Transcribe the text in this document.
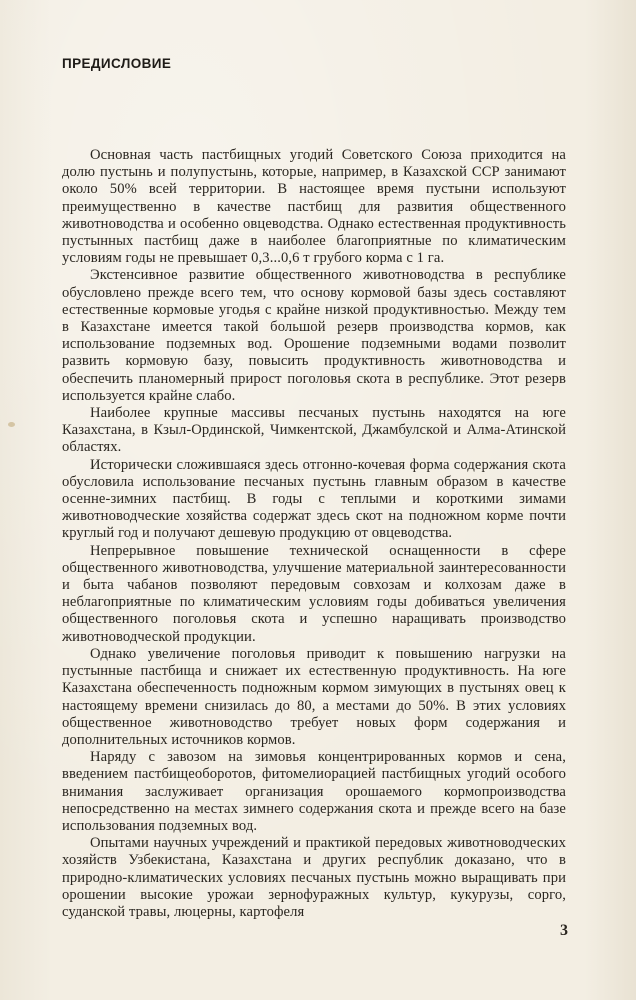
ПРЕДИСЛОВИЕ

Основная часть пастбищных угодий Советского Союза приходится на долю пустынь и полупустынь, которые, например, в Казахской ССР занимают около 50% всей территории. В настоящее время пустыни используют преимущественно в качестве пастбищ для развития общественного животноводства и особенно овцеводства. Однако естественная продуктивность пустынных пастбищ даже в наиболее благоприятные по климатическим условиям годы не превышает 0,3...0,6 т грубого корма с 1 га.

Экстенсивное развитие общественного животноводства в республике обусловлено прежде всего тем, что основу кормовой базы здесь составляют естественные кормовые угодья с крайне низкой продуктивностью. Между тем в Казахстане имеется такой большой резерв производства кормов, как использование подземных вод. Орошение подземными водами позволит развить кормовую базу, повысить продуктивность животноводства и обеспечить планомерный прирост поголовья скота в республике. Этот резерв используется крайне слабо.

Наиболее крупные массивы песчаных пустынь находятся на юге Казахстана, в Кзыл-Ординской, Чимкентской, Джамбулской и Алма-Атинской областях.

Исторически сложившаяся здесь отгонно-кочевая форма содержания скота обусловила использование песчаных пустынь главным образом в качестве осенне-зимних пастбищ. В годы с теплыми и короткими зимами животноводческие хозяйства содержат здесь скот на подножном корме почти круглый год и получают дешевую продукцию от овцеводства.

Непрерывное повышение технической оснащенности в сфере общественного животноводства, улучшение материальной заинтересованности и быта чабанов позволяют передовым совхозам и колхозам даже в неблагоприятные по климатическим условиям годы добиваться увеличения общественного поголовья скота и успешно наращивать производство животноводческой продукции.

Однако увеличение поголовья приводит к повышению нагрузки на пустынные пастбища и снижает их естественную продуктивность. На юге Казахстана обеспеченность подножным кормом зимующих в пустынях овец к настоящему времени снизилась до 80, а местами до 50%. В этих условиях общественное животноводство требует новых форм содержания и дополнительных источников кормов.

Наряду с завозом на зимовья концентрированных кормов и сена, введением пастбищеоборотов, фитомелиорацией пастбищных угодий особого внимания заслуживает организация орошаемого кормопроизводства непосредственно на местах зимнего содержания скота и прежде всего на базе использования подземных вод.

Опытами научных учреждений и практикой передовых животноводческих хозяйств Узбекистана, Казахстана и других республик доказано, что в природно-климатических условиях песчаных пустынь можно выращивать при орошении высокие урожаи зернофуражных культур, кукурузы, сорго, суданской травы, люцерны, картофеля

3
